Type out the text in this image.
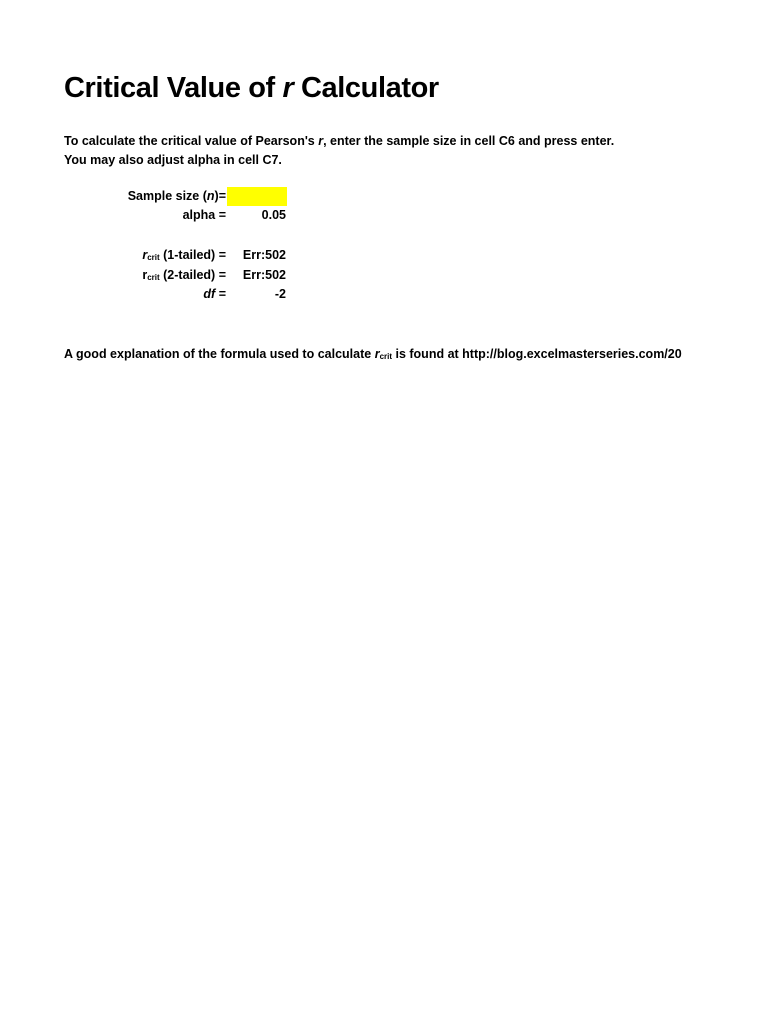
Critical Value of r Calculator
To calculate the critical value of Pearson's r, enter the sample size in cell C6 and press enter.
You may also adjust alpha in cell C7.
Sample size (n)=
alpha =	0.05
rcrit (1-tailed) =	Err:502
rcrit (2-tailed) =	Err:502
df =	-2
A good explanation of the formula used to calculate rcrit is found at http://blog.excelmasterseries.com/20
